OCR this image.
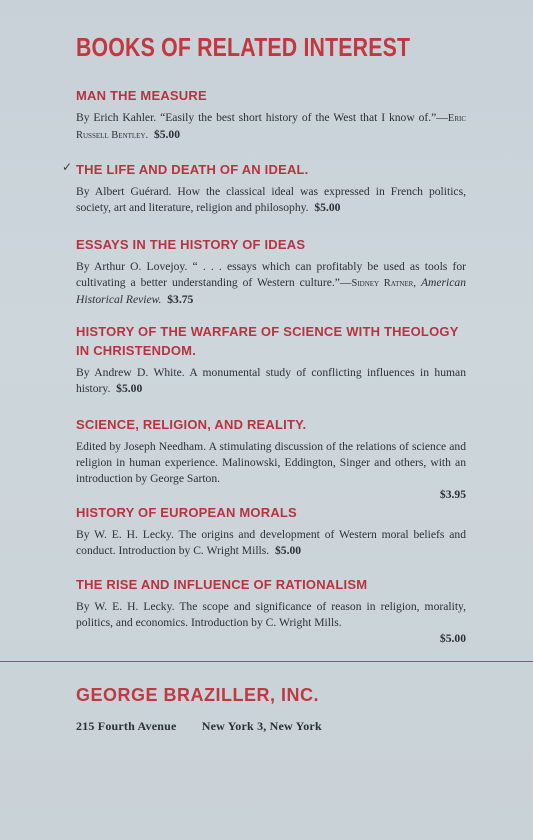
BOOKS OF RELATED INTEREST
✓
MAN THE MEASURE
By Erich Kahler. “Easily the best short history of the West that I know of.”—Eric Russell Bentley. $5.00
THE LIFE AND DEATH OF AN IDEAL.
By Albert Guérard. How the classical ideal was expressed in French politics, society, art and literature, religion and philosophy. $5.00
ESSAYS IN THE HISTORY OF IDEAS
By Arthur O. Lovejoy. “ . . . essays which can profitably be used as tools for cultivating a better understanding of Western culture.”—Sidney Ratner, American Historical Review. $3.75
HISTORY OF THE WARFARE OF SCIENCE WITH THEOLOGY IN CHRISTENDOM.
By Andrew D. White. A monumental study of conflicting influences in human history. $5.00
SCIENCE, RELIGION, AND REALITY.
Edited by Joseph Needham. A stimulating discussion of the relations of science and religion in human experience. Malinowski, Eddington, Singer and others, with an introduction by George Sarton.
$3.95
HISTORY OF EUROPEAN MORALS
By W. E. H. Lecky. The origins and development of Western moral beliefs and conduct. Introduction by C. Wright Mills. $5.00
THE RISE AND INFLUENCE OF RATIONALISM
By W. E. H. Lecky. The scope and significance of reason in religion, morality, politics, and economics. Introduction by C. Wright Mills.
$5.00
GEORGE BRAZILLER, INC.
215 Fourth Avenue New York 3, New York
